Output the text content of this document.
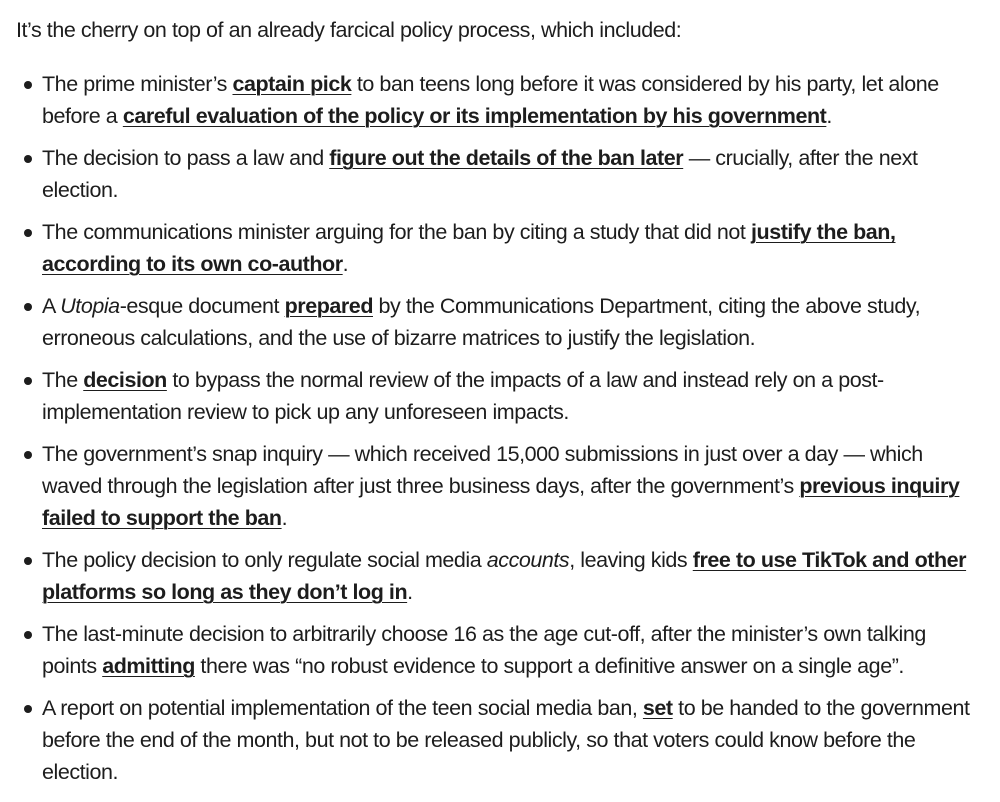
It’s the cherry on top of an already farcical policy process, which included:

The prime minister’s captain pick to ban teens long before it was considered by his party, let alone before a careful evaluation of the policy or its implementation by his government.
The decision to pass a law and figure out the details of the ban later — crucially, after the next election.
The communications minister arguing for the ban by citing a study that did not justify the ban, according to its own co-author.
A Utopia-esque document prepared by the Communications Department, citing the above study, erroneous calculations, and the use of bizarre matrices to justify the legislation.
The decision to bypass the normal review of the impacts of a law and instead rely on a post-implementation review to pick up any unforeseen impacts.
The government’s snap inquiry — which received 15,000 submissions in just over a day — which waved through the legislation after just three business days, after the government’s previous inquiry failed to support the ban.
The policy decision to only regulate social media accounts, leaving kids free to use TikTok and other platforms so long as they don’t log in.
The last-minute decision to arbitrarily choose 16 as the age cut-off, after the minister’s own talking points admitting there was “no robust evidence to support a definitive answer on a single age”.
A report on potential implementation of the teen social media ban, set to be handed to the government before the end of the month, but not to be released publicly, so that voters could know before the election.
